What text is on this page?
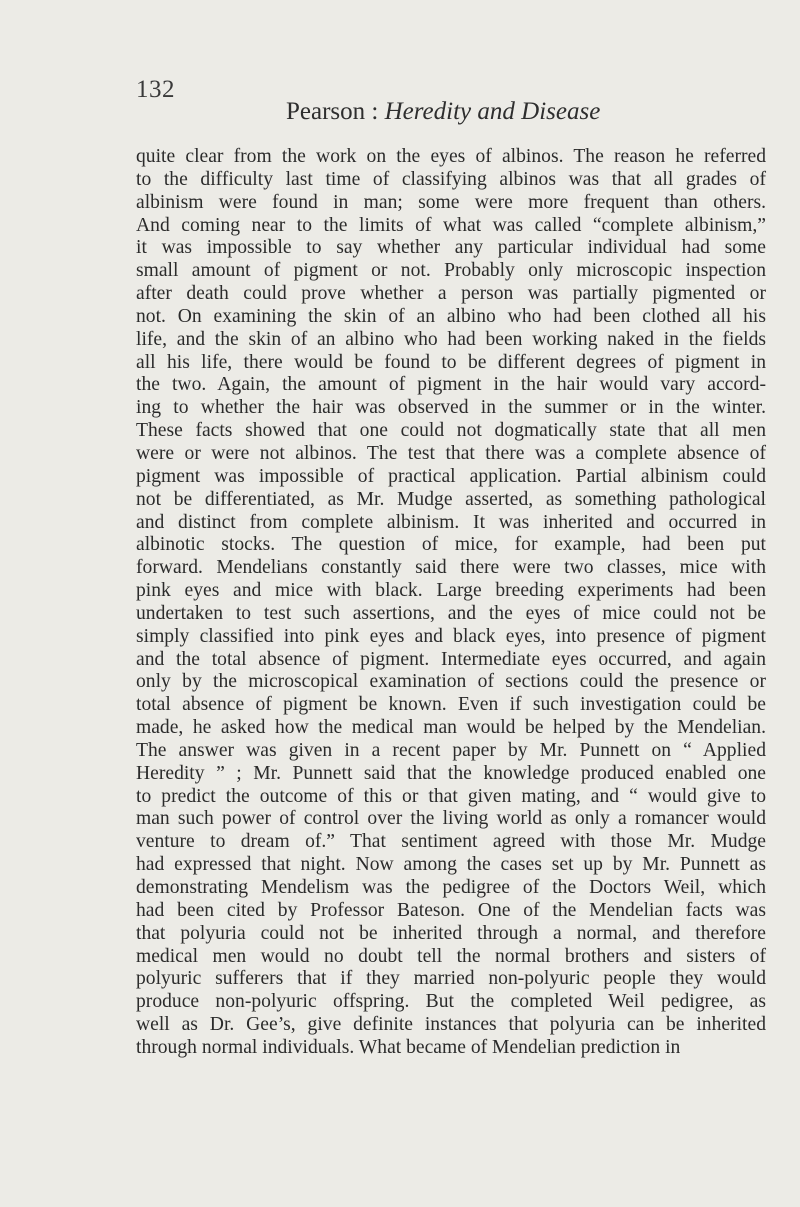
132
Pearson : Heredity and Disease
quite clear from the work on the eyes of albinos. The reason he referred
to the difficulty last time of classifying albinos was that all grades of
albinism were found in man; some were more frequent than others.
And coming near to the limits of what was called “complete albinism,”
it was impossible to say whether any particular individual had some
small amount of pigment or not. Probably only microscopic inspection
after death could prove whether a person was partially pigmented or
not. On examining the skin of an albino who had been clothed all his
life, and the skin of an albino who had been working naked in the fields
all his life, there would be found to be different degrees of pigment in
the two. Again, the amount of pigment in the hair would vary accord-
ing to whether the hair was observed in the summer or in the winter.
These facts showed that one could not dogmatically state that all men
were or were not albinos. The test that there was a complete absence of
pigment was impossible of practical application. Partial albinism could
not be differentiated, as Mr. Mudge asserted, as something pathological
and distinct from complete albinism. It was inherited and occurred in
albinotic stocks. The question of mice, for example, had been put
forward. Mendelians constantly said there were two classes, mice with
pink eyes and mice with black. Large breeding experiments had been
undertaken to test such assertions, and the eyes of mice could not be
simply classified into pink eyes and black eyes, into presence of pigment
and the total absence of pigment. Intermediate eyes occurred, and again
only by the microscopical examination of sections could the presence or
total absence of pigment be known. Even if such investigation could be
made, he asked how the medical man would be helped by the Mendelian.
The answer was given in a recent paper by Mr. Punnett on “ Applied
Heredity ” ; Mr. Punnett said that the knowledge produced enabled one
to predict the outcome of this or that given mating, and “ would give to
man such power of control over the living world as only a romancer would
venture to dream of.” That sentiment agreed with those Mr. Mudge
had expressed that night. Now among the cases set up by Mr. Punnett as
demonstrating Mendelism was the pedigree of the Doctors Weil, which
had been cited by Professor Bateson. One of the Mendelian facts was
that polyuria could not be inherited through a normal, and therefore
medical men would no doubt tell the normal brothers and sisters of
polyuric sufferers that if they married non-polyuric people they would
produce non-polyuric offspring. But the completed Weil pedigree, as
well as Dr. Gee’s, give definite instances that polyuria can be inherited
through normal individuals. What became of Mendelian prediction in
